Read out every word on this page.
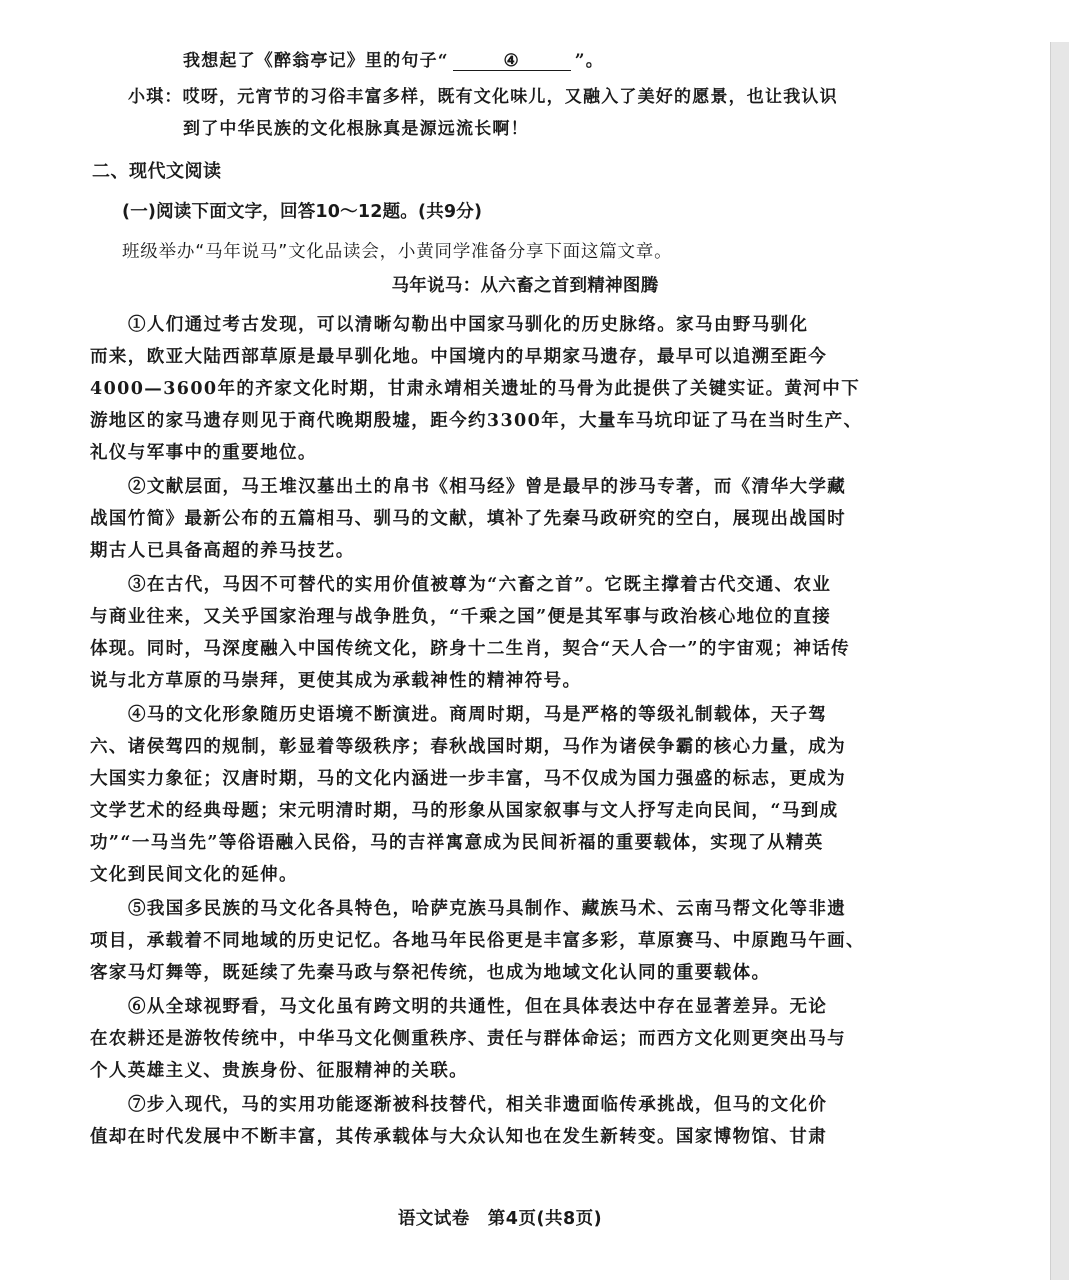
我想起了《醉翁亭记》里的句子“	④	”。
小琪：哎呀，元宵节的习俗丰富多样，既有文化味儿，又融入了美好的愿景，也让我认识
到了中华民族的文化根脉真是源远流长啊！
二、现代文阅读
(一)阅读下面文字，回答10～12题。(共9分)
班级举办“马年说马”文化品读会，小黄同学准备分享下面这篇文章。
马年说马：从六畜之首到精神图腾
①人们通过考古发现，可以清晰勾勒出中国家马驯化的历史脉络。家马由野马驯化
而来，欧亚大陆西部草原是最早驯化地。中国境内的早期家马遗存，最早可以追溯至距今
4000—3600年的齐家文化时期，甘肃永靖相关遗址的马骨为此提供了关键实证。黄河中下
游地区的家马遗存则见于商代晚期殷墟，距今约3300年，大量车马坑印证了马在当时生产、
礼仪与军事中的重要地位。
②文献层面，马王堆汉墓出土的帛书《相马经》曾是最早的涉马专著，而《清华大学藏
战国竹简》最新公布的五篇相马、驯马的文献，填补了先秦马政研究的空白，展现出战国时
期古人已具备高超的养马技艺。
③在古代，马因不可替代的实用价值被尊为“六畜之首”。它既主撑着古代交通、农业
与商业往来，又关乎国家治理与战争胜负，“千乘之国”便是其军事与政治核心地位的直接
体现。同时，马深度融入中国传统文化，跻身十二生肖，契合“天人合一”的宇宙观；神话传
说与北方草原的马崇拜，更使其成为承载神性的精神符号。
④马的文化形象随历史语境不断演进。商周时期，马是严格的等级礼制载体，天子驾
六、诸侯驾四的规制，彰显着等级秩序；春秋战国时期，马作为诸侯争霸的核心力量，成为
大国实力象征；汉唐时期，马的文化内涵进一步丰富，马不仅成为国力强盛的标志，更成为
文学艺术的经典母题；宋元明清时期，马的形象从国家叙事与文人抒写走向民间，“马到成
功”“一马当先”等俗语融入民俗，马的吉祥寓意成为民间祈福的重要载体，实现了从精英
文化到民间文化的延伸。
⑤我国多民族的马文化各具特色，哈萨克族马具制作、藏族马术、云南马帮文化等非遗
项目，承载着不同地域的历史记忆。各地马年民俗更是丰富多彩，草原赛马、中原跑马午画、
客家马灯舞等，既延续了先秦马政与祭祀传统，也成为地域文化认同的重要载体。
⑥从全球视野看，马文化虽有跨文明的共通性，但在具体表达中存在显著差异。无论
在农耕还是游牧传统中，中华马文化侧重秩序、责任与群体命运；而西方文化则更突出马与
个人英雄主义、贵族身份、征服精神的关联。
⑦步入现代，马的实用功能逐渐被科技替代，相关非遗面临传承挑战，但马的文化价
值却在时代发展中不断丰富，其传承载体与大众认知也在发生新转变。国家博物馆、甘肃
语文试卷　第4页(共8页)
